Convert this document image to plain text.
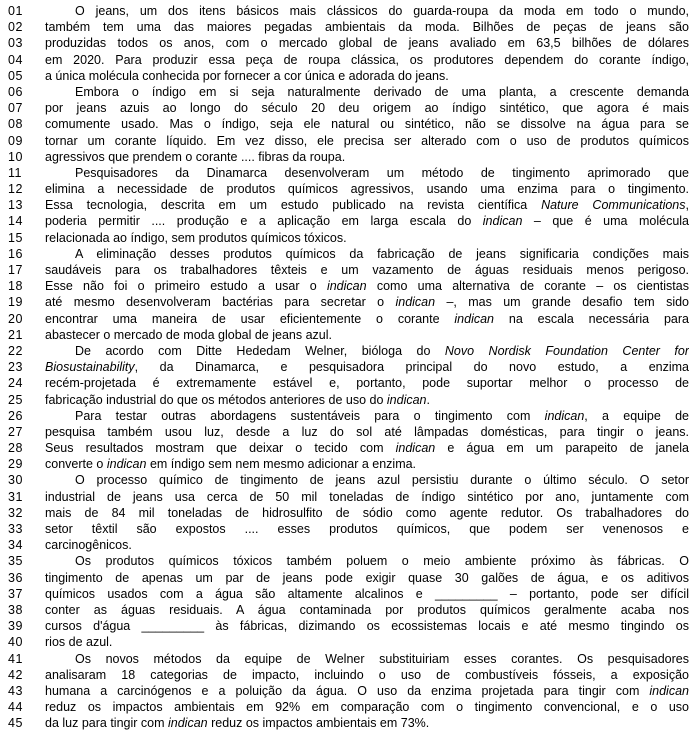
01	O jeans, um dos itens básicos mais clássicos do guarda-roupa da moda em todo o mundo,
02	também tem uma das maiores pegadas ambientais da moda. Bilhões de peças de jeans são
03	produzidas todos os anos, com o mercado global de jeans avaliado em 63,5 bilhões de dólares
04	em 2020. Para produzir essa peça de roupa clássica, os produtores dependem do corante índigo,
05	a única molécula conhecida por fornecer a cor única e adorada do jeans.
06	Embora o índigo em si seja naturalmente derivado de uma planta, a crescente demanda
07	por jeans azuis ao longo do século 20 deu origem ao índigo sintético, que agora é mais
08	comumente usado. Mas o índigo, seja ele natural ou sintético, não se dissolve na água para se
09	tornar um corante líquido. Em vez disso, ele precisa ser alterado com o uso de produtos químicos
10	agressivos que prendem o corante .... fibras da roupa.
11	Pesquisadores da Dinamarca desenvolveram um método de tingimento aprimorado que
12	elimina a necessidade de produtos químicos agressivos, usando uma enzima para o tingimento.
13	Essa tecnologia, descrita em um estudo publicado na revista científica Nature Communications,
14	poderia permitir .... produção e a aplicação em larga escala do indican – que é uma molécula
15	relacionada ao índigo, sem produtos químicos tóxicos.
16	A eliminação desses produtos químicos da fabricação de jeans significaria condições mais
17	saudáveis para os trabalhadores têxteis e um vazamento de águas residuais menos perigoso.
18	Esse não foi o primeiro estudo a usar o indican como uma alternativa de corante – os cientistas
19	até mesmo desenvolveram bactérias para secretar o indican –, mas um grande desafio tem sido
20	encontrar uma maneira de usar eficientemente o corante indican na escala necessária para
21	abastecer o mercado de moda global de jeans azul.
22	De acordo com Ditte Hededam Welner, bióloga do Novo Nordisk Foundation Center for
23	Biosustainability, da Dinamarca, e pesquisadora principal do novo estudo, a enzima
24	recém-projetada é extremamente estável e, portanto, pode suportar melhor o processo de
25	fabricação industrial do que os métodos anteriores de uso do indican.
26	Para testar outras abordagens sustentáveis para o tingimento com indican, a equipe de
27	pesquisa também usou luz, desde a luz do sol até lâmpadas domésticas, para tingir o jeans.
28	Seus resultados mostram que deixar o tecido com indican e água em um parapeito de janela
29	converte o indican em índigo sem nem mesmo adicionar a enzima.
30	O processo químico de tingimento de jeans azul persistiu durante o último século. O setor
31	industrial de jeans usa cerca de 50 mil toneladas de índigo sintético por ano, juntamente com
32	mais de 84 mil toneladas de hidrosulfito de sódio como agente redutor. Os trabalhadores do
33	setor têxtil são expostos .... esses produtos químicos, que podem ser venenosos e
34	carcinogênicos.
35	Os produtos químicos tóxicos também poluem o meio ambiente próximo às fábricas. O
36	tingimento de apenas um par de jeans pode exigir quase 30 galões de água, e os aditivos
37	químicos usados com a água são altamente alcalinos e _________ – portanto, pode ser difícil
38	conter as águas residuais. A água contaminada por produtos químicos geralmente acaba nos
39	cursos d'água _________ às fábricas, dizimando os ecossistemas locais e até mesmo tingindo os
40	rios de azul.
41	Os novos métodos da equipe de Welner substituiriam esses corantes. Os pesquisadores
42	analisaram 18 categorias de impacto, incluindo o uso de combustíveis fósseis, a exposição
43	humana a carcinógenos e a poluição da água. O uso da enzima projetada para tingir com indican
44	reduz os impactos ambientais em 92% em comparação com o tingimento convencional, e o uso
45	da luz para tingir com indican reduz os impactos ambientais em 73%.
